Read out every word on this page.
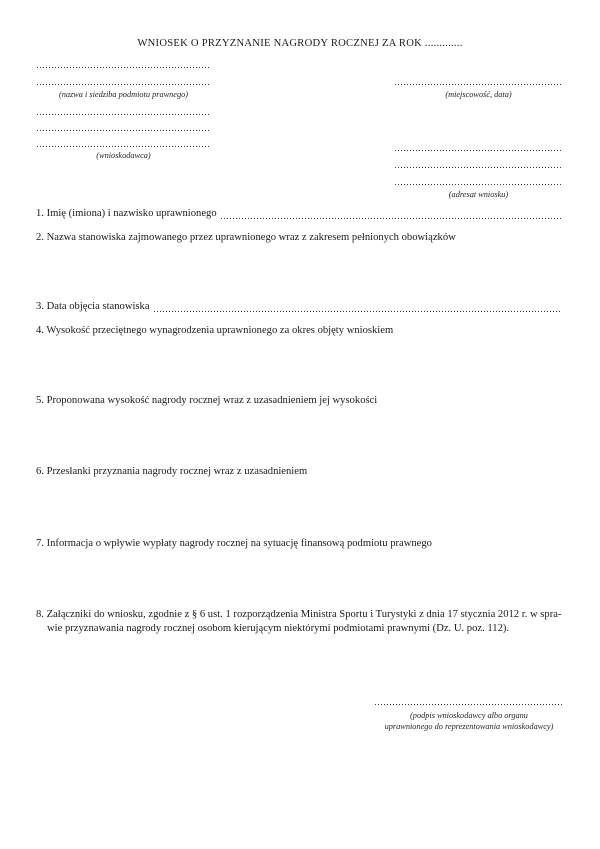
WNIOSEK O PRZYZNANIE NAGRODY ROCZNEJ ZA ROK .............
(nazwa i siedziba podmiotu prawnego)
(wnioskodawca)
(miejscowość, data)
(adresat wniosku)
1. Imię (imiona) i nazwisko uprawnionego
2. Nazwa stanowiska zajmowanego przez uprawnionego wraz z zakresem pełnionych obowiązków
3. Data objęcia stanowiska
4. Wysokość przeciętnego wynagrodzenia uprawnionego za okres objęty wnioskiem
5. Proponowana wysokość nagrody rocznej wraz z uzasadnieniem jej wysokości
6. Przesłanki przyznania nagrody rocznej wraz z uzasadnieniem
7. Informacja o wpływie wypłaty nagrody rocznej na sytuację finansową podmiotu prawnego
8. Załączniki do wniosku, zgodnie z § 6 ust. 1 rozporządzenia Ministra Sportu i Turystyki z dnia 17 stycznia 2012 r. w spra-
wie przyznawania nagrody rocznej osobom kierującym niektórymi podmiotami prawnymi (Dz. U. poz. 112).
(podpis wnioskodawcy albo organu
uprawnionego do reprezentowania wnioskodawcy)
